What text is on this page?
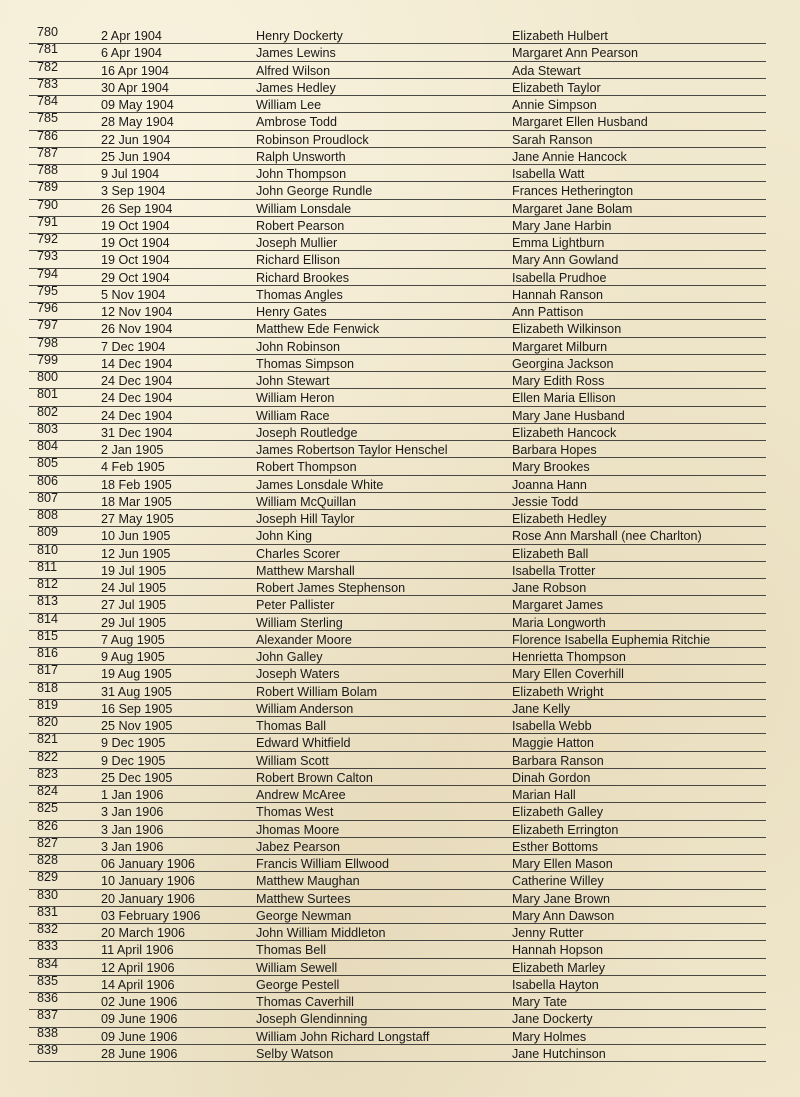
780	2 Apr 1904	Henry Dockerty	Elizabeth Hulbert
781	6 Apr 1904	James Lewins	Margaret Ann Pearson
782	16 Apr 1904	Alfred Wilson	Ada Stewart
783	30 Apr 1904	James Hedley	Elizabeth Taylor
784	09 May 1904	William Lee	Annie Simpson
785	28 May 1904	Ambrose Todd	Margaret Ellen Husband
786	22 Jun 1904	Robinson Proudlock	Sarah Ranson
787	25 Jun 1904	Ralph Unsworth	Jane Annie Hancock
788	9 Jul 1904	John Thompson	Isabella Watt
789	3 Sep 1904	John George Rundle	Frances Hetherington
790	26 Sep 1904	William Lonsdale	Margaret Jane Bolam
791	19 Oct 1904	Robert Pearson	Mary Jane Harbin
792	19 Oct 1904	Joseph Mullier	Emma Lightburn
793	19 Oct 1904	Richard Ellison	Mary Ann Gowland
794	29 Oct 1904	Richard Brookes	Isabella Prudhoe
795	5 Nov 1904	Thomas Angles	Hannah Ranson
796	12 Nov 1904	Henry Gates	Ann Pattison
797	26 Nov 1904	Matthew Ede Fenwick	Elizabeth Wilkinson
798	7 Dec 1904	John Robinson	Margaret Milburn
799	14 Dec 1904	Thomas Simpson	Georgina Jackson
800	24 Dec 1904	John Stewart	Mary Edith Ross
801	24 Dec 1904	William Heron	Ellen Maria Ellison
802	24 Dec 1904	William Race	Mary Jane Husband
803	31 Dec 1904	Joseph Routledge	Elizabeth Hancock
804	2 Jan 1905	James Robertson Taylor Henschel	Barbara Hopes
805	4 Feb 1905	Robert Thompson	Mary Brookes
806	18 Feb 1905	James Lonsdale White	Joanna Hann
807	18 Mar 1905	William McQuillan	Jessie Todd
808	27 May 1905	Joseph Hill Taylor	Elizabeth Hedley
809	10 Jun 1905	John King	Rose Ann Marshall (nee Charlton)
810	12 Jun 1905	Charles Scorer	Elizabeth Ball
811	19 Jul 1905	Matthew Marshall	Isabella Trotter
812	24 Jul 1905	Robert James Stephenson	Jane Robson
813	27 Jul 1905	Peter Pallister	Margaret James
814	29 Jul 1905	William Sterling	Maria Longworth
815	7 Aug 1905	Alexander Moore	Florence Isabella Euphemia Ritchie
816	9 Aug 1905	John Galley	Henrietta Thompson
817	19 Aug 1905	Joseph Waters	Mary Ellen Coverhill
818	31 Aug 1905	Robert William Bolam	Elizabeth Wright
819	16 Sep 1905	William Anderson	Jane Kelly
820	25 Nov 1905	Thomas Ball	Isabella Webb
821	9 Dec 1905	Edward Whitfield	Maggie Hatton
822	9 Dec 1905	William Scott	Barbara Ranson
823	25 Dec 1905	Robert Brown Calton	Dinah Gordon
824	1 Jan 1906	Andrew McAree	Marian Hall
825	3 Jan 1906	Thomas West	Elizabeth Galley
826	3 Jan 1906	Jhomas Moore	Elizabeth Errington
827	3 Jan 1906	Jabez Pearson	Esther Bottoms
828	06 January 1906	Francis William Ellwood	Mary Ellen Mason
829	10 January 1906	Matthew Maughan	Catherine Willey
830	20 January 1906	Matthew Surtees	Mary Jane Brown
831	03 February 1906	George Newman	Mary Ann Dawson
832	20 March 1906	John William Middleton	Jenny Rutter
833	11 April 1906	Thomas Bell	Hannah Hopson
834	12 April 1906	William Sewell	Elizabeth Marley
835	14 April 1906	George Pestell	Isabella Hayton
836	02 June 1906	Thomas Caverhill	Mary Tate
837	09 June 1906	Joseph Glendinning	Jane Dockerty
838	09 June 1906	William John Richard Longstaff	Mary Holmes
839	28 June 1906	Selby Watson	Jane Hutchinson
